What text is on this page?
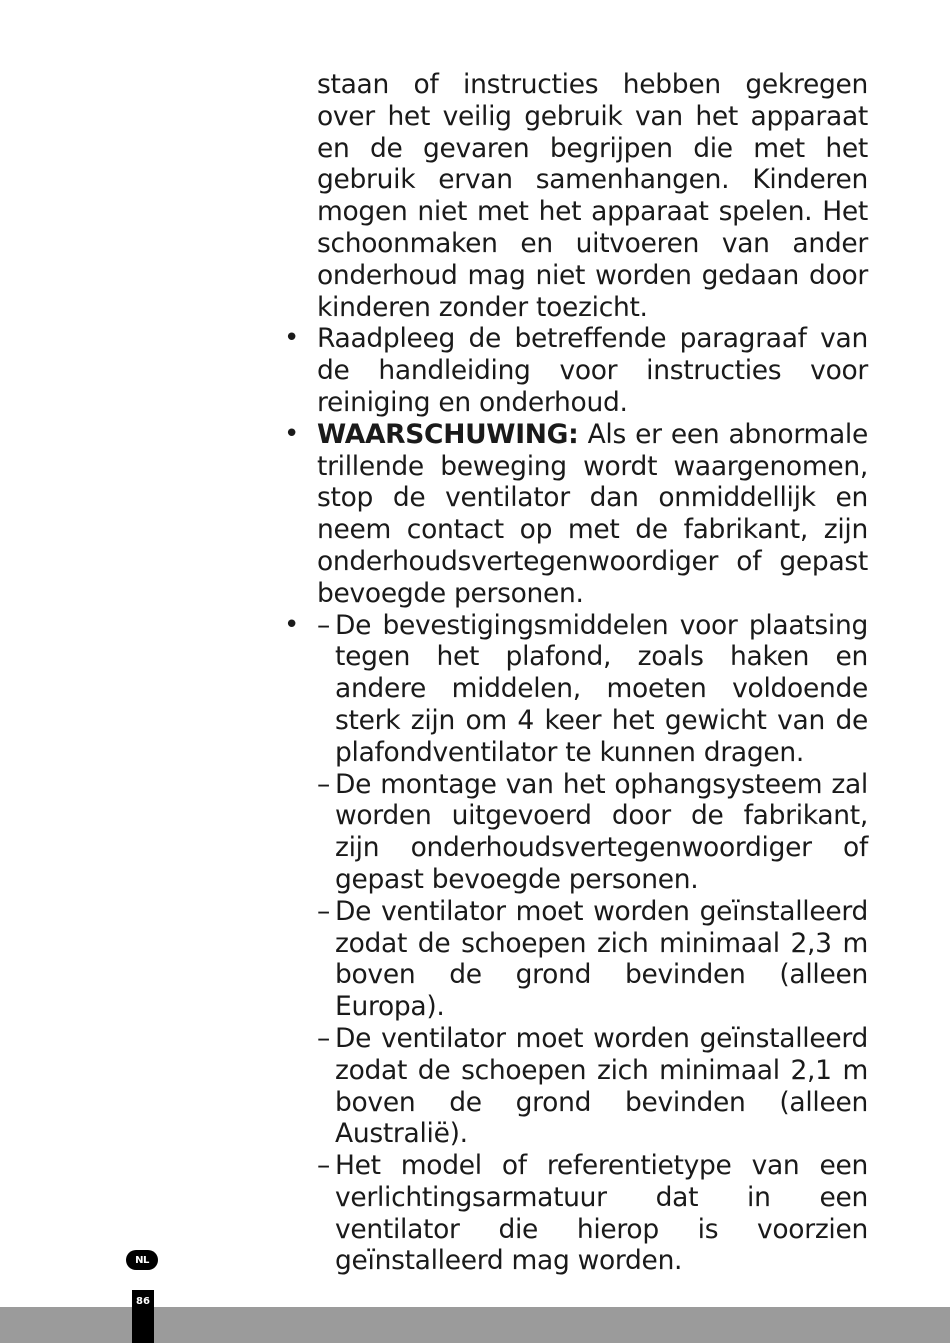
staan of instructies hebben gekregen over het veilig gebruik van het apparaat en de gevaren begrijpen die met het gebruik ervan samenhangen. Kinderen mogen niet met het apparaat spelen. Het schoonmaken en uitvoeren van ander onderhoud mag niet worden gedaan door kinderen zonder toezicht.
• Raadpleeg de betreffende paragraaf van de handleiding voor instructies voor reiniging en onderhoud.
• WAARSCHUWING: Als er een abnormale trillende beweging wordt waargenomen, stop de ventilator dan onmiddellijk en neem contact op met de fabrikant, zijn onderhoudsvertegenwoordiger of gepast bevoegde personen.
• – De bevestigingsmiddelen voor plaatsing tegen het plafond, zoals haken en andere middelen, moeten voldoende sterk zijn om 4 keer het gewicht van de plafondventilator te kunnen dragen.
– De montage van het ophangsysteem zal worden uitgevoerd door de fabrikant, zijn onderhoudsvertegenwoordiger of gepast bevoegde personen.
– De ventilator moet worden geïnstalleerd zodat de schoepen zich minimaal 2,3 m boven de grond bevinden (alleen Europa).
– De ventilator moet worden geïnstalleerd zodat de schoepen zich minimaal 2,1 m boven de grond bevinden (alleen Australië).
– Het model of referentietype van een verlichtingsarmatuur dat in een ventilator die hierop is voorzien geïnstalleerd mag worden.
NL
86
